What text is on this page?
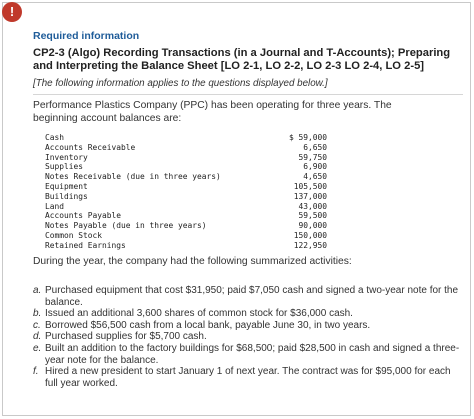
!
Required information
CP2-3 (Algo) Recording Transactions (in a Journal and T-Accounts); Preparing and Interpreting the Balance Sheet [LO 2-1, LO 2-2, LO 2-3 LO 2-4, LO 2-5]
[The following information applies to the questions displayed below.]
Performance Plastics Company (PPC) has been operating for three years. The beginning account balances are:
Cash	$ 59,000
Accounts Receivable	6,650
Inventory	59,750
Supplies	6,900
Notes Receivable (due in three years)	4,650
Equipment	105,500
Buildings	137,000
Land	43,000
Accounts Payable	59,500
Notes Payable (due in three years)	90,000
Common Stock	150,000
Retained Earnings	122,950
During the year, the company had the following summarized activities:
a. Purchased equipment that cost $31,950; paid $7,050 cash and signed a two-year note for the balance.
b. Issued an additional 3,600 shares of common stock for $36,000 cash.
c. Borrowed $56,500 cash from a local bank, payable June 30, in two years.
d. Purchased supplies for $5,700 cash.
e. Built an addition to the factory buildings for $68,500; paid $28,500 in cash and signed a three-year note for the balance.
f. Hired a new president to start January 1 of next year. The contract was for $95,000 for each full year worked.
